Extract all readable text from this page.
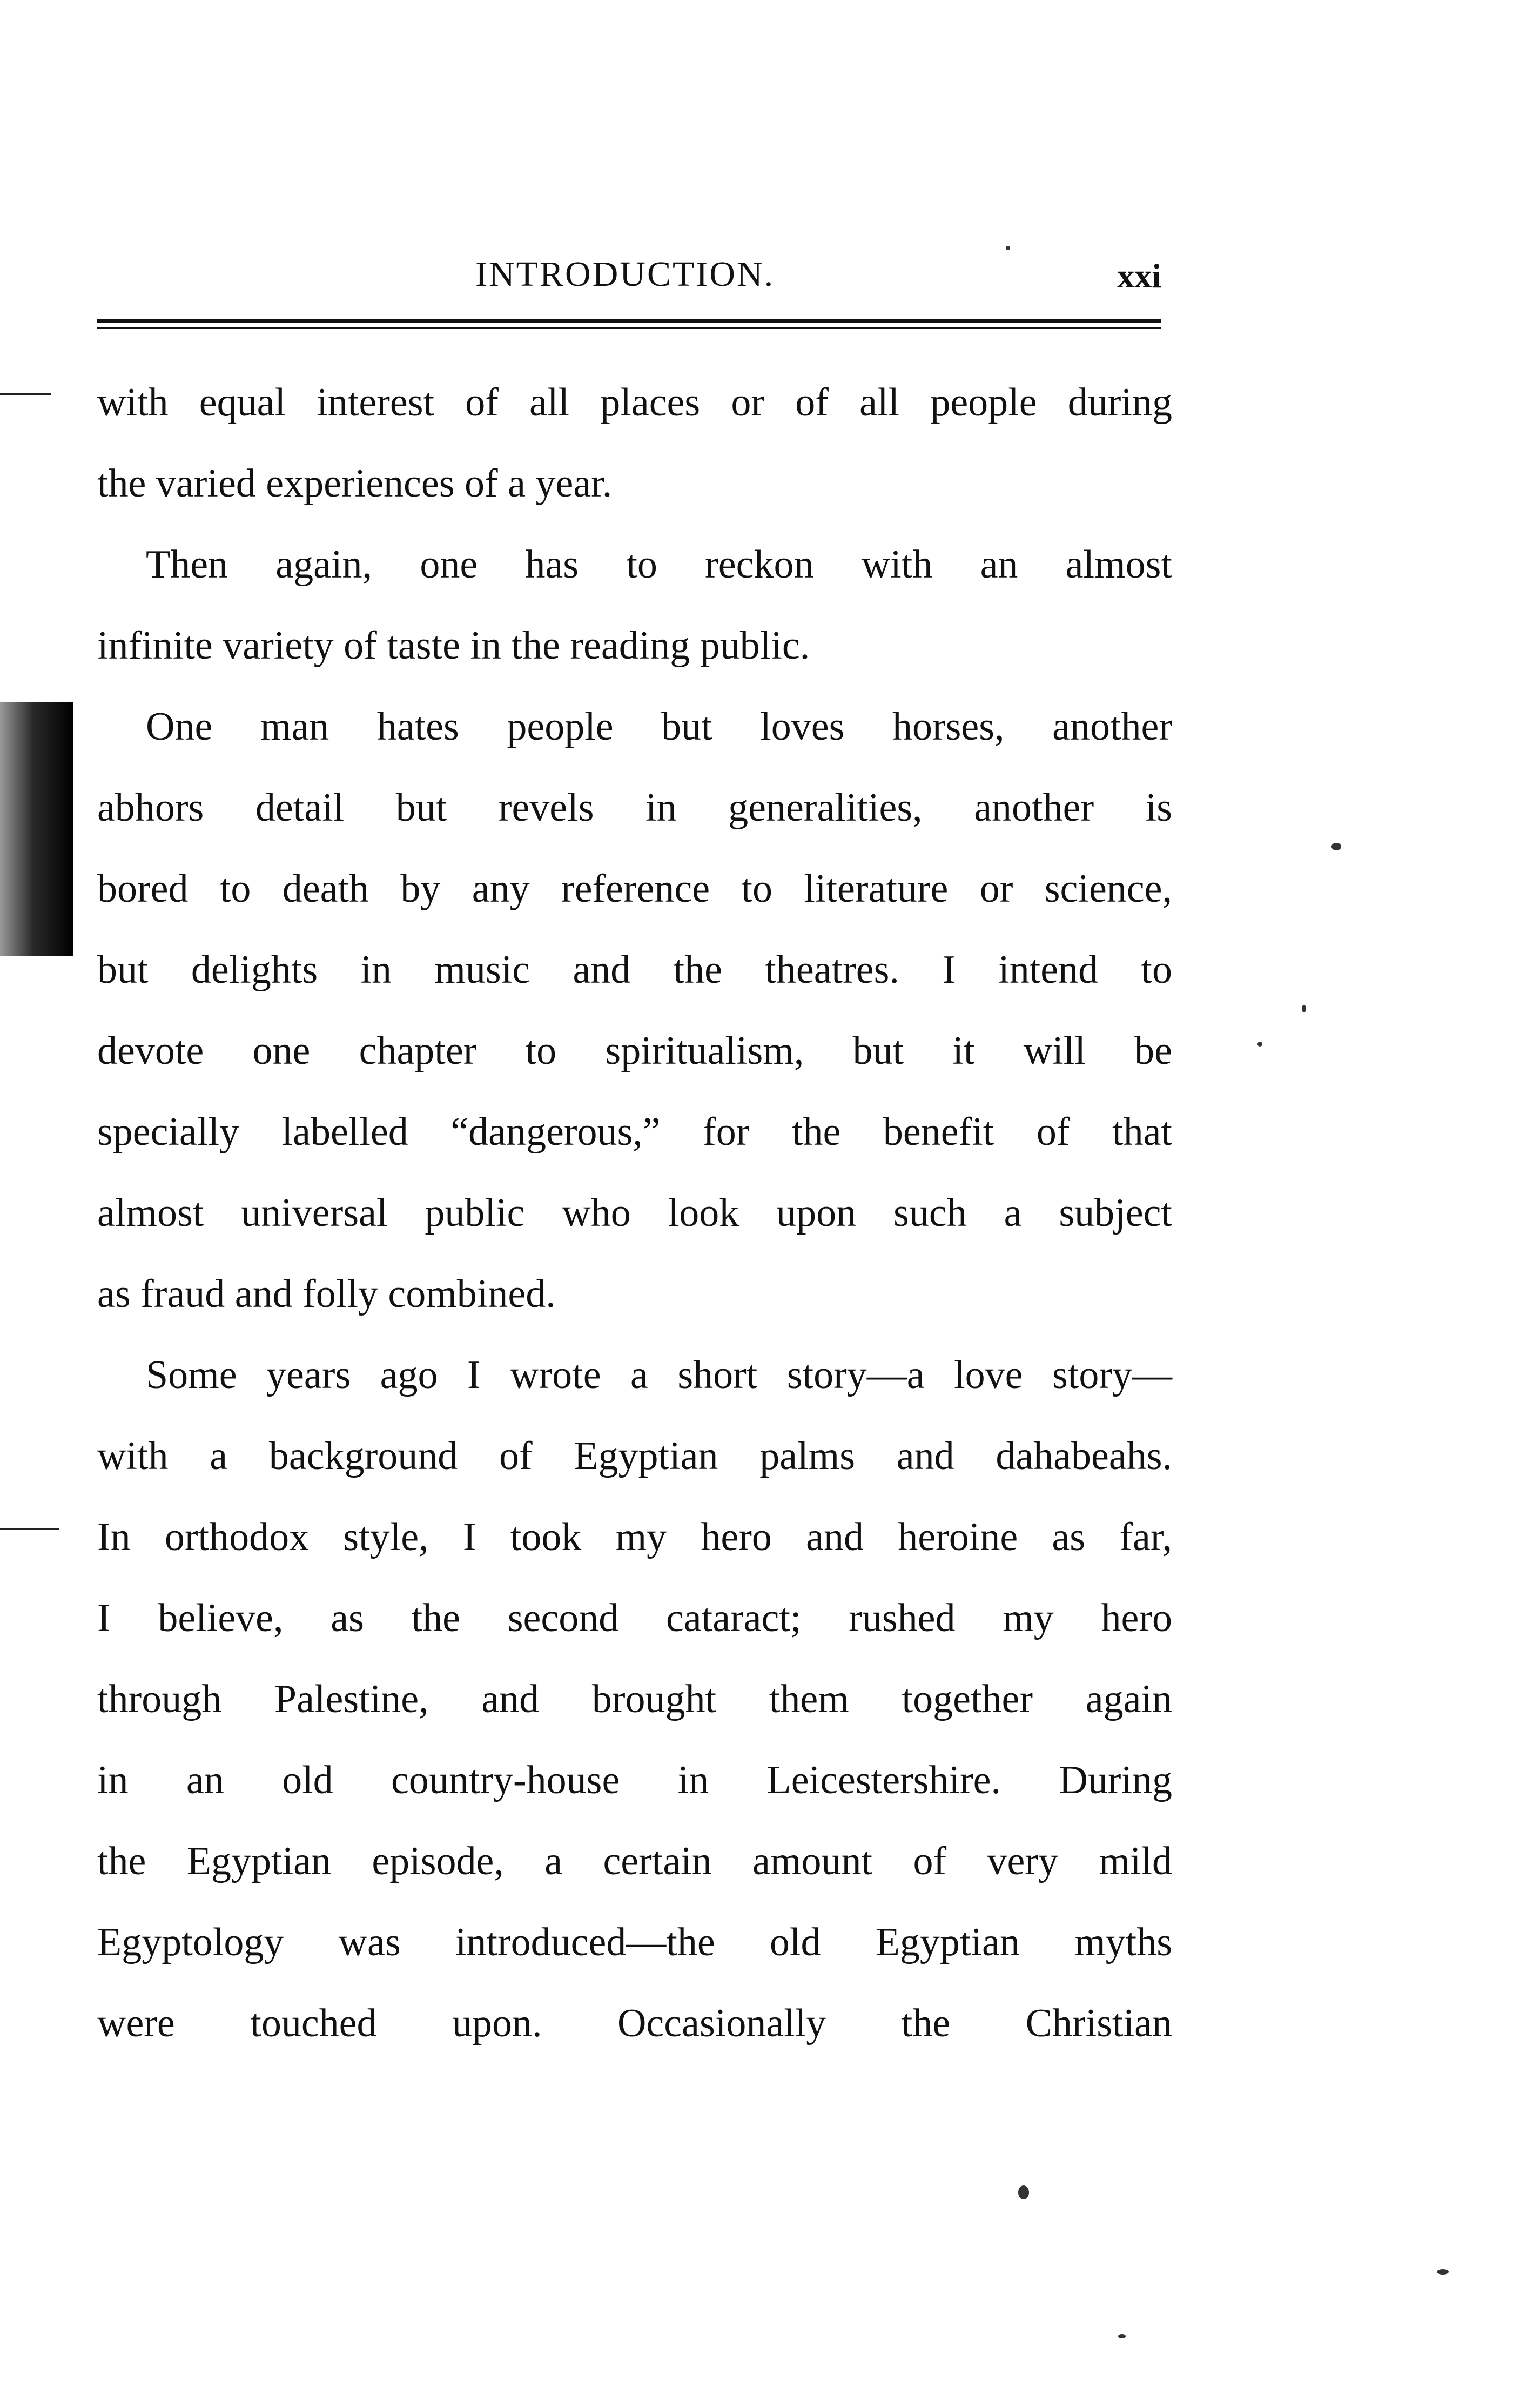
INTRODUCTION.	xxi
with equal interest of all places or of all people during
the varied experiences of a year.
Then again, one has to reckon with an almost
infinite variety of taste in the reading public.
One man hates people but loves horses, another
abhors detail but revels in generalities, another is
bored to death by any reference to literature or science,
but delights in music and the theatres. I intend to
devote one chapter to spiritualism, but it will be
specially labelled “dangerous,” for the benefit of that
almost universal public who look upon such a subject
as fraud and folly combined.
Some years ago I wrote a short story—a love story—
with a background of Egyptian palms and dahabeahs.
In orthodox style, I took my hero and heroine as far,
I believe, as the second cataract; rushed my hero
through Palestine, and brought them together again
in an old country-house in Leicestershire. During
the Egyptian episode, a certain amount of very mild
Egyptology was introduced—the old Egyptian myths
were touched upon. Occasionally the Christian
